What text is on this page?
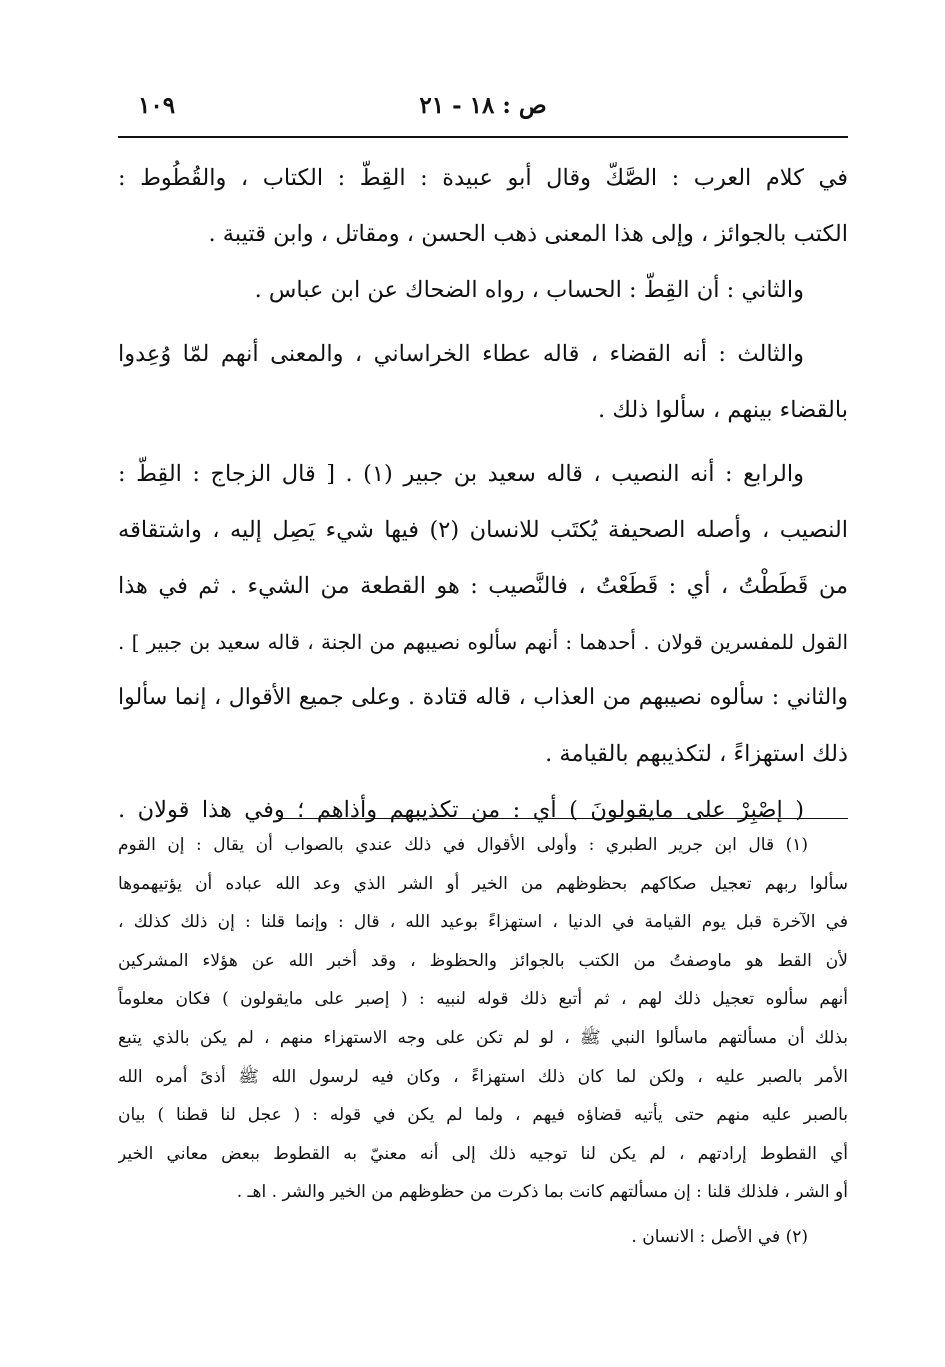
ص : ١٨ - ٢١
١٠٩
في كلام العرب : الصَّكّ وقال أبو عبيدة : القِطّ : الكتاب ، والقُطُوط :
الكتب بالجوائز ، وإلى هذا المعنى ذهب الحسن ، ومقاتل ، وابن قتيبة .
والثاني : أن القِطّ : الحساب ، رواه الضحاك عن ابن عباس .
والثالث : أنه القضاء ، قاله عطاء الخراساني ، والمعنى أنهم لمّا وُعِدوا
بالقضاء بينهم ، سألوا ذلك .
والرابع : أنه النصيب ، قاله سعيد بن جبير (١) . [ قال الزجاج : القِطّ :
النصيب ، وأصله الصحيفة يُكتَب للانسان (٢) فيها شيء يَصِل إليه ، واشتقاقه
من قَطَطْتُ ، أي : قَطَعْتُ ، فالنَّصيب : هو القطعة من الشيء . ثم في هذا
القول للمفسرين قولان . أحدهما : أنهم سألوه نصيبهم من الجنة ، قاله سعيد بن جبير ] .
والثاني : سألوه نصيبهم من العذاب ، قاله قتادة . وعلى جميع الأقوال ، إنما سألوا
ذلك استهزاءً ، لتكذيبهم بالقيامة .
( إصْبِرْ على مايقولونَ ) أي : من تكذيبهم وأذاهم ؛ وفي هذا قولان .
(١) قال ابن جرير الطبري : وأولى الأقوال في ذلك عندي بالصواب أن يقال : إن القوم
سألوا ربهم تعجيل صكاكهم بحظوظهم من الخير أو الشر الذي وعد الله عباده أن يؤتيهموها
في الآخرة قبل يوم القيامة في الدنيا ، استهزاءً بوعيد الله ، قال : وإنما قلنا : إن ذلك كذلك ،
لأن القط هو ماوصفتُ من الكتب بالجوائز والحظوظ ، وقد أخبر الله عن هؤلاء المشركين
أنهم سألوه تعجيل ذلك لهم ، ثم أتبع ذلك قوله لنبيه : ( إصبر على مايقولون ) فكان معلوماً
بذلك أن مسألتهم ماسألوا النبي ﷺ ، لو لم تكن على وجه الاستهزاء منهم ، لم يكن بالذي يتبع
الأمر بالصبر عليه ، ولكن لما كان ذلك استهزاءً ، وكان فيه لرسول الله ﷺ أذىً أمره الله
بالصبر عليه منهم حتى يأتيه قضاؤه فيهم ، ولما لم يكن في قوله : ( عجل لنا قطنا ) بيان
أي القطوط إرادتهم ، لم يكن لنا توجيه ذلك إلى أنه معنيّ به القطوط ببعض معاني الخير
أو الشر ، فلذلك قلنا : إن مسألتهم كانت بما ذكرت من حظوظهم من الخير والشر . اهـ .
(٢) في الأصل : الانسان .
